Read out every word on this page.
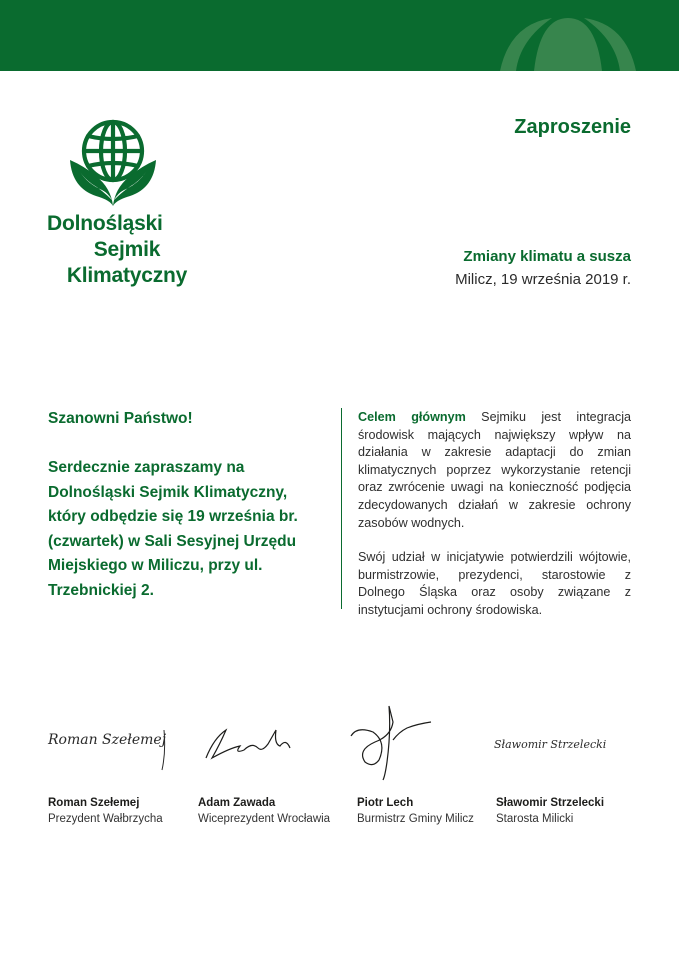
Dolnośląski
Sejmik
Klimatyczny
Zaproszenie
Zmiany klimatu a susza
Milicz, 19 września 2019 r.
Szanowni Państwo!
Serdecznie zapraszamy na Dolnośląski Sejmik Klimatyczny, który odbędzie się 19 września br. (czwartek) w Sali Sesyjnej Urzędu Miejskiego w Miliczu, przy ul. Trzebnickiej 2.

Celem głównym Sejmiku jest integracja środowisk mających największy wpływ na działania w zakresie adaptacji do zmian klimatycznych poprzez wykorzystanie retencji oraz zwrócenie uwagi na konieczność podjęcia zdecydowanych działań w zakresie ochrony zasobów wodnych.

Swój udział w inicjatywie potwierdzili wójtowie, burmistrzowie, prezydenci, starostowie z Dolnego Śląska oraz osoby związane z instytucjami ochrony środowiska.

Roman Szełemej	Sławomir Strzelecki
Roman Szełemej
Prezydent Wałbrzycha
Adam Zawada
Wiceprezydent Wrocławia
Piotr Lech
Burmistrz Gminy Milicz
Sławomir Strzelecki
Starosta Milicki
